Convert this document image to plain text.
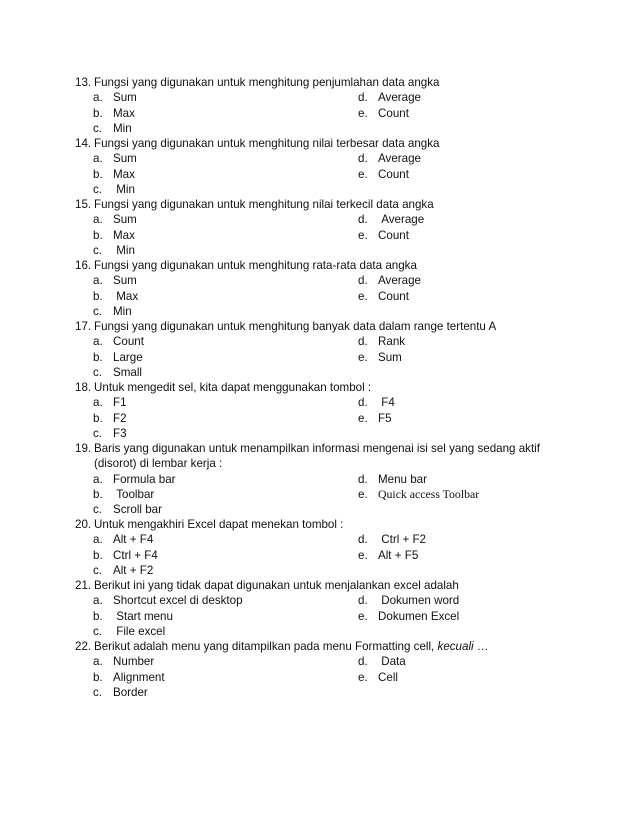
13. Fungsi yang digunakan untuk menghitung penjumlahan data angka
a. Sum	d. Average
b. Max	e. Count
c. Min
14. Fungsi yang digunakan untuk menghitung nilai terbesar data angka
a. Sum	d. Average
b. Max	e. Count
c. Min
15. Fungsi yang digunakan untuk menghitung nilai terkecil data angka
a. Sum	d. Average
b. Max	e. Count
c. Min
16. Fungsi yang digunakan untuk menghitung rata-rata data angka
a. Sum	d. Average
b. Max	e. Count
c. Min
17. Fungsi yang digunakan untuk menghitung banyak data dalam range tertentu A
a. Count	d. Rank
b. Large	e. Sum
c. Small
18. Untuk mengedit sel, kita dapat menggunakan tombol :
a. F1	d. F4
b. F2	e. F5
c. F3
19. Baris yang digunakan untuk menampilkan informasi mengenai isi sel yang sedang aktif
(disorot) di lembar kerja :
a. Formula bar	d. Menu bar
b. Toolbar	e. Quick access Toolbar
c. Scroll bar
20. Untuk mengakhiri Excel dapat menekan tombol :
a. Alt + F4	d. Ctrl + F2
b. Ctrl + F4	e. Alt + F5
c. Alt + F2
21. Berikut ini yang tidak dapat digunakan untuk menjalankan excel adalah
a. Shortcut excel di desktop	d. Dokumen word
b. Start menu	e. Dokumen Excel
c. File excel
22. Berikut adalah menu yang ditampilkan pada menu Formatting cell, kecuali …
a. Number	d. Data
b. Alignment	e. Cell
c. Border
